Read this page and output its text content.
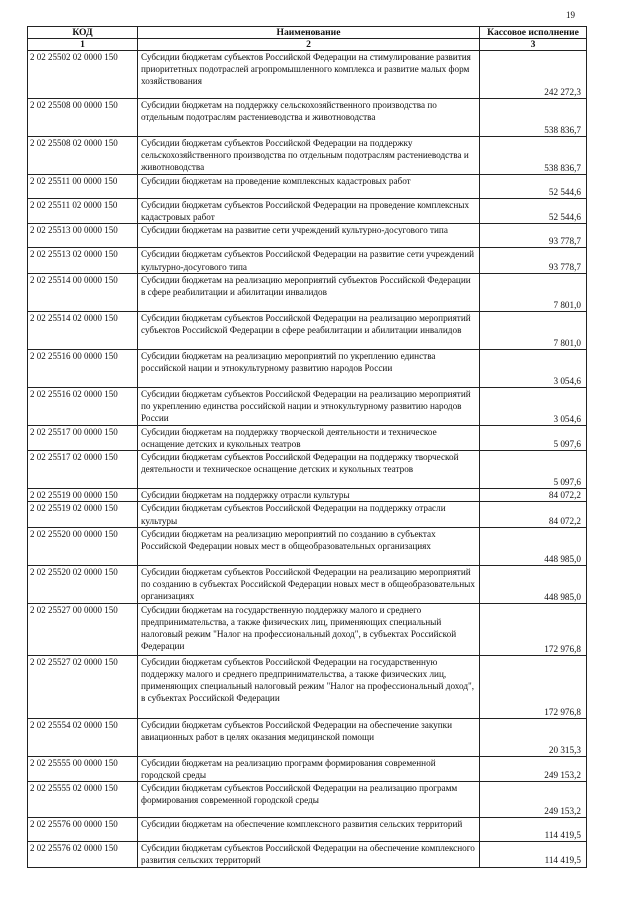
19
КОД	Наименование	Кассовое исполнение
1	2	3
2 02 25502 02 0000 150	Субсидии бюджетам субъектов Российской Федерации на стимулирование развития приоритетных подотраслей агропромышленного комплекса и развитие малых форм хозяйствования	242 272,3
2 02 25508 00 0000 150	Субсидии бюджетам на поддержку сельскохозяйственного производства по отдельным подотраслям растениеводства и животноводства	538 836,7
2 02 25508 02 0000 150	Субсидии бюджетам субъектов Российской Федерации на поддержку сельскохозяйственного производства по отдельным подотраслям растениеводства и животноводства	538 836,7
2 02 25511 00 0000 150	Субсидии бюджетам на проведение комплексных кадастровых работ	52 544,6
2 02 25511 02 0000 150	Субсидии бюджетам субъектов Российской Федерации на проведение комплексных кадастровых работ	52 544,6
2 02 25513 00 0000 150	Субсидии бюджетам на развитие сети учреждений культурно-досугового типа	93 778,7
2 02 25513 02 0000 150	Субсидии бюджетам субъектов Российской Федерации на развитие сети учреждений культурно-досугового типа	93 778,7
2 02 25514 00 0000 150	Субсидии бюджетам на реализацию мероприятий субъектов Российской Федерации в сфере реабилитации и абилитации инвалидов	7 801,0
2 02 25514 02 0000 150	Субсидии бюджетам субъектов Российской Федерации на реализацию мероприятий субъектов Российской Федерации в сфере реабилитации и абилитации инвалидов	7 801,0
2 02 25516 00 0000 150	Субсидии бюджетам на реализацию мероприятий по укреплению единства российской нации и этнокультурному развитию народов России	3 054,6
2 02 25516 02 0000 150	Субсидии бюджетам субъектов Российской Федерации на реализацию мероприятий по укреплению единства российской нации и этнокультурному развитию народов России	3 054,6
2 02 25517 00 0000 150	Субсидии бюджетам на поддержку творческой деятельности и техническое оснащение детских и кукольных театров	5 097,6
2 02 25517 02 0000 150	Субсидии бюджетам субъектов Российской Федерации на поддержку творческой деятельности и техническое оснащение детских и кукольных театров	5 097,6
2 02 25519 00 0000 150	Субсидии бюджетам на поддержку отрасли культуры	84 072,2
2 02 25519 02 0000 150	Субсидии бюджетам субъектов Российской Федерации на поддержку отрасли культуры	84 072,2
2 02 25520 00 0000 150	Субсидии бюджетам на реализацию мероприятий по созданию в субъектах Российской Федерации новых мест в общеобразовательных организациях	448 985,0
2 02 25520 02 0000 150	Субсидии бюджетам субъектов Российской Федерации на реализацию мероприятий по созданию в субъектах Российской Федерации новых мест в общеобразовательных организациях	448 985,0
2 02 25527 00 0000 150	Субсидии бюджетам на государственную поддержку малого и среднего предпринимательства, а также физических лиц, применяющих специальный налоговый режим "Налог на профессиональный доход", в субъектах Российской Федерации	172 976,8
2 02 25527 02 0000 150	Субсидии бюджетам субъектов Российской Федерации на государственную поддержку малого и среднего предпринимательства, а также физических лиц, применяющих специальный налоговый режим "Налог на профессиональный доход", в субъектах Российской Федерации	172 976,8
2 02 25554 02 0000 150	Субсидии бюджетам субъектов Российской Федерации на обеспечение закупки авиационных работ в целях оказания медицинской помощи	20 315,3
2 02 25555 00 0000 150	Субсидии бюджетам на реализацию программ формирования современной городской среды	249 153,2
2 02 25555 02 0000 150	Субсидии бюджетам субъектов Российской Федерации на реализацию программ формирования современной городской среды	249 153,2
2 02 25576 00 0000 150	Субсидии бюджетам на обеспечение комплексного развития сельских территорий	114 419,5
2 02 25576 02 0000 150	Субсидии бюджетам субъектов Российской Федерации на обеспечение комплексного развития сельских территорий	114 419,5
